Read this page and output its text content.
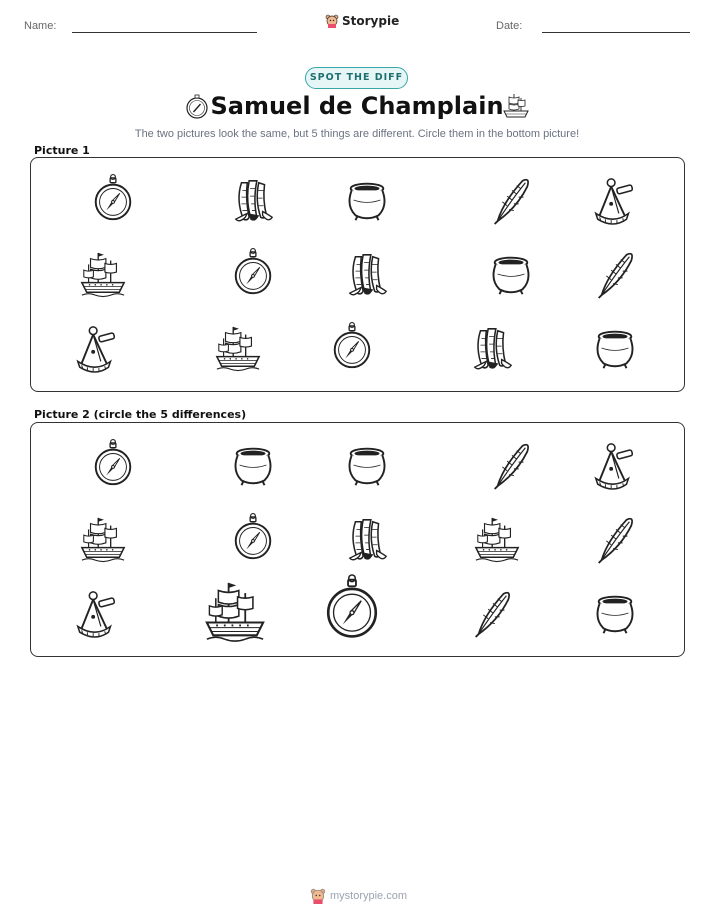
Name:	Storypie	Date:
SPOT THE DIFF
Samuel de Champlain
The two pictures look the same, but 5 things are different. Circle them in the bottom picture!
Picture 1
Picture 2 (circle the 5 differences)
mystorypie.com
